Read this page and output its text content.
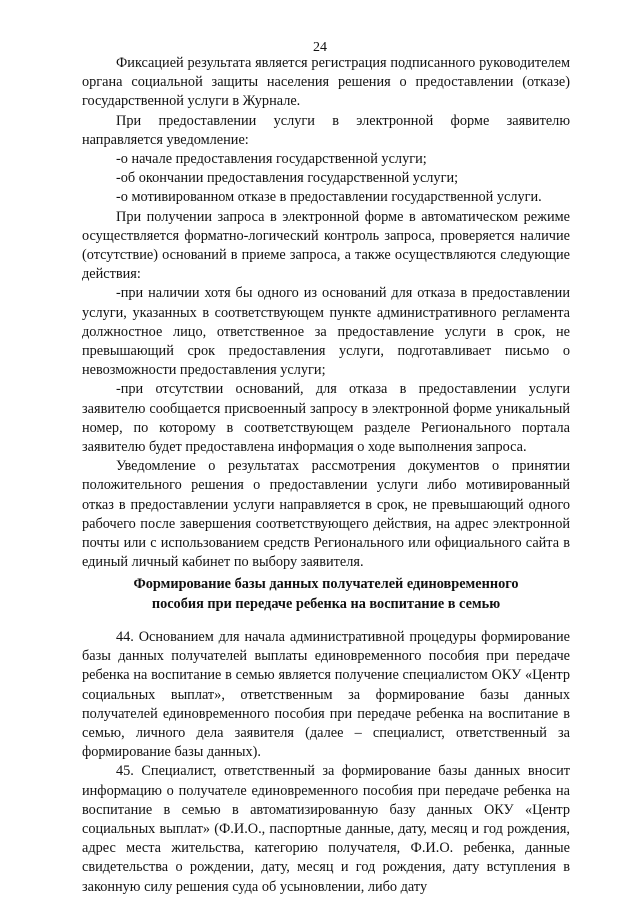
24

Фиксацией результата является регистрация подписанного руководителем органа социальной защиты населения решения о предоставлении (отказе) государственной услуги в Журнале.

При предоставлении услуги в электронной форме заявителю направляется уведомление:

-о начале предоставления государственной услуги;

-об окончании предоставления государственной услуги;

-о мотивированном отказе в предоставлении государственной услуги.

При получении запроса в электронной форме в автоматическом режиме осуществляется форматно-логический контроль запроса, проверяется наличие (отсутствие) оснований в приеме запроса, а также осуществляются следующие действия:

-при наличии хотя бы одного из оснований для отказа в предоставлении услуги, указанных в соответствующем пункте административного регламента должностное лицо, ответственное за предоставление услуги в срок, не превышающий срок предоставления услуги, подготавливает письмо о невозможности предоставления услуги;

-при отсутствии оснований, для отказа в предоставлении услуги заявителю сообщается присвоенный запросу в электронной форме уникальный номер, по которому в соответствующем разделе Регионального портала заявителю будет предоставлена информация о ходе выполнения запроса.

Уведомление о результатах рассмотрения документов о принятии положительного решения о предоставлении услуги либо мотивированный отказ в предоставлении услуги направляется в срок, не превышающий одного рабочего после завершения соответствующего действия, на адрес электронной почты или с использованием средств Регионального или официального сайта в единый личный кабинет по выбору заявителя.

Формирование базы данных получателей единовременного
пособия при передаче ребенка на воспитание в семью

44. Основанием для начала административной процедуры формирование базы данных получателей выплаты единовременного пособия при передаче ребенка на воспитание в семью является получение специалистом ОКУ «Центр социальных выплат», ответственным за формирование базы данных получателей единовременного пособия при передаче ребенка на воспитание в семью, личного дела заявителя (далее – специалист, ответственный за формирование базы данных).

45. Специалист, ответственный за формирование базы данных вносит информацию о получателе единовременного пособия при передаче ребенка на воспитание в семью в автоматизированную базу данных ОКУ «Центр социальных выплат» (Ф.И.О., паспортные данные, дату, месяц и год рождения, адрес места жительства, категорию получателя, Ф.И.О. ребенка, данные свидетельства о рождении, дату, месяц и год рождения, дату вступления в законную силу решения суда об усыновлении, либо дату
